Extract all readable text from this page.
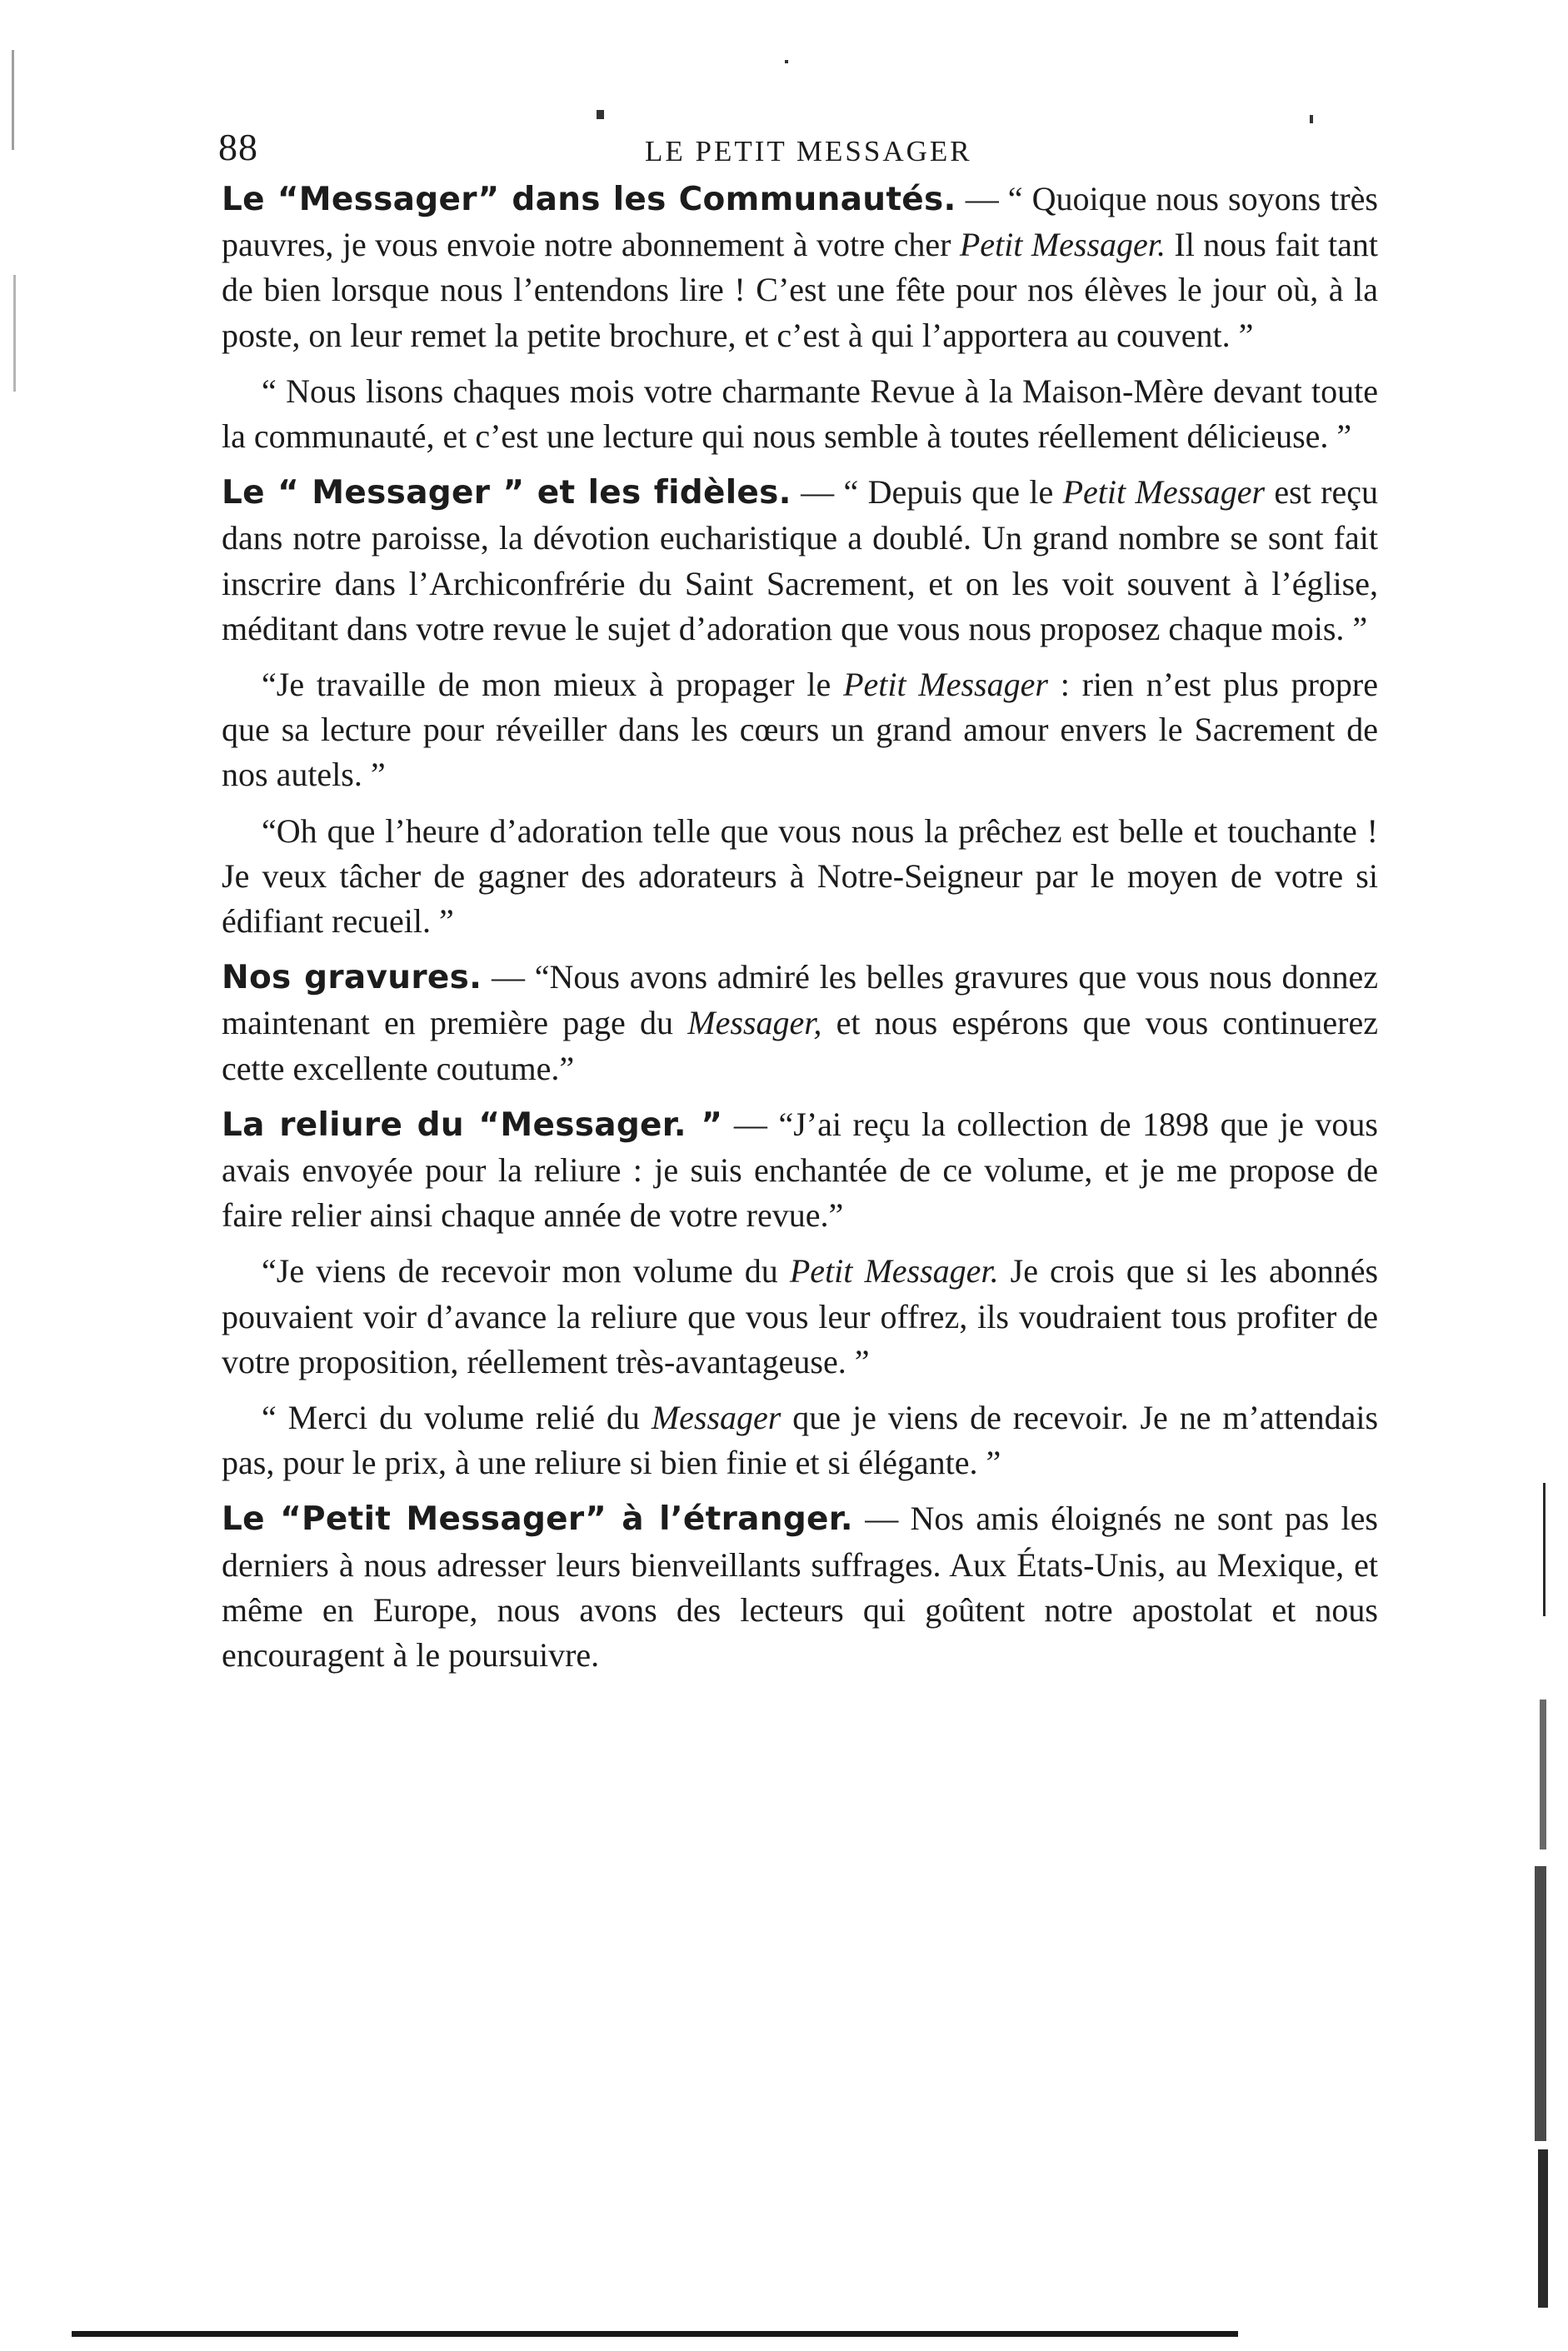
88	LE PETIT MESSAGER

Le “Messager” dans les Communautés. — “ Quoique nous soyons très pauvres, je vous envoie notre abonnement à votre cher Petit Messager. Il nous fait tant de bien lorsque nous l’entendons lire ! C’est une fête pour nos élèves le jour où, à la poste, on leur remet la petite brochure, et c’est à qui l’apportera au couvent. ”

“ Nous lisons chaques mois votre charmante Revue à la Maison-Mère devant toute la communauté, et c’est une lecture qui nous semble à toutes réellement délicieuse. ”

Le “ Messager ” et les fidèles. — “ Depuis que le Petit Messager est reçu dans notre paroisse, la dévotion eucharistique a doublé. Un grand nombre se sont fait inscrire dans l’Archiconfrérie du Saint Sacrement, et on les voit souvent à l’église, méditant dans votre revue le sujet d’adoration que vous nous proposez chaque mois. ”

“Je travaille de mon mieux à propager le Petit Messager : rien n’est plus propre que sa lecture pour réveiller dans les cœurs un grand amour envers le Sacrement de nos autels. ”

“Oh que l’heure d’adoration telle que vous nous la prêchez est belle et touchante ! Je veux tâcher de gagner des adorateurs à Notre-Seigneur par le moyen de votre si édifiant recueil. ”

Nos gravures. — “Nous avons admiré les belles gravures que vous nous donnez maintenant en première page du Messager, et nous espérons que vous continuerez cette excellente coutume.”

La reliure du “Messager. ” — “J’ai reçu la collection de 1898 que je vous avais envoyée pour la reliure : je suis enchantée de ce volume, et je me propose de faire relier ainsi chaque année de votre revue.”

“Je viens de recevoir mon volume du Petit Messager. Je crois que si les abonnés pouvaient voir d’avance la reliure que vous leur offrez, ils voudraient tous profiter de votre proposition, réellement très-avantageuse. ”

“ Merci du volume relié du Messager que je viens de recevoir. Je ne m’attendais pas, pour le prix, à une reliure si bien finie et si élégante. ”

Le “Petit Messager” à l’étranger. — Nos amis éloignés ne sont pas les derniers à nous adresser leurs bienveillants suffrages. Aux États-Unis, au Mexique, et même en Europe, nous avons des lecteurs qui goûtent notre apostolat et nous encouragent à le poursuivre.
